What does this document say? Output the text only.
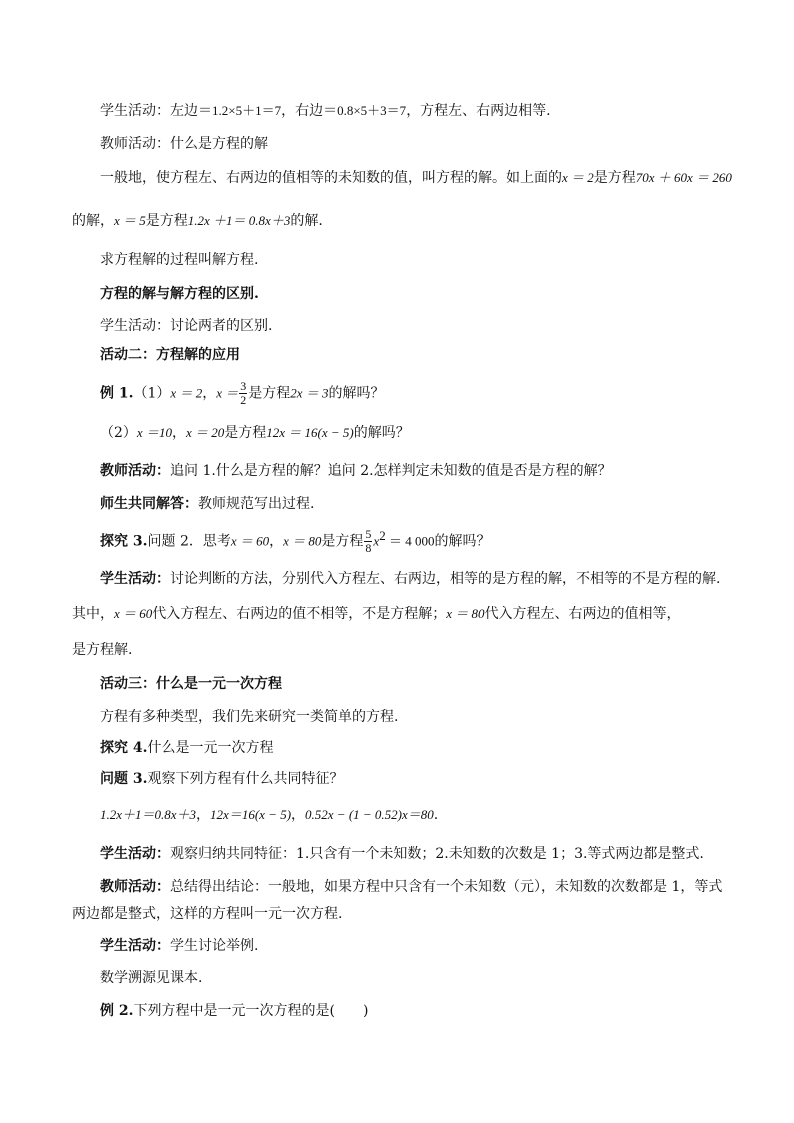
学生活动：左边＝1.2×5＋1＝7，右边＝0.8×5＋3＝7，方程左、右两边相等.
教师活动：什么是方程的解
一般地，使方程左、右两边的值相等的未知数的值，叫方程的解。如上面的x ＝ 2是方程70x ＋ 60x ＝ 260
的解，x ＝ 5是方程1.2x ＋1＝ 0.8x＋3的解.
求方程解的过程叫解方程.
方程的解与解方程的区别.
学生活动：讨论两者的区别.
活动二：方程解的应用
例 1.（1）x ＝ 2，$x = \frac{3}{2}$ 是方程2x ＝ 3的解吗？
（2）x ＝10，x ＝ 20是方程12x ＝ 16(x − 5)的解吗？
教师活动：追问 1.什么是方程的解？追问 2.怎样判定未知数的值是否是方程的解？
师生共同解答：教师规范写出过程.
探究 3.问题 2．思考x ＝ 60，x ＝ 80是方程 $\frac{5}{8} x^2 = 4$ 000的解吗？
学生活动：讨论判断的方法，分别代入方程左、右两边，相等的是方程的解，不相等的不是方程的解.
其中，x ＝ 60代入方程左、右两边的值不相等，不是方程解；x ＝ 80代入方程左、右两边的值相等，
是方程解.
活动三：什么是一元一次方程
方程有多种类型，我们先来研究一类简单的方程.
探究 4.什么是一元一次方程
问题 3.观察下列方程有什么共同特征？
1.2x＋1＝0.8x＋3，12x＝16(x − 5)，0.52x − (1 − 0.52)x＝80.
学生活动：观察归纳共同特征：1.只含有一个未知数；2.未知数的次数是 1；3.等式两边都是整式.
教师活动：总结得出结论：一般地，如果方程中只含有一个未知数（元），未知数的次数都是 1，等式
两边都是整式，这样的方程叫一元一次方程.
学生活动：学生讨论举例.
数学溯源见课本.
例 2.下列方程中是一元一次方程的是(　　)
